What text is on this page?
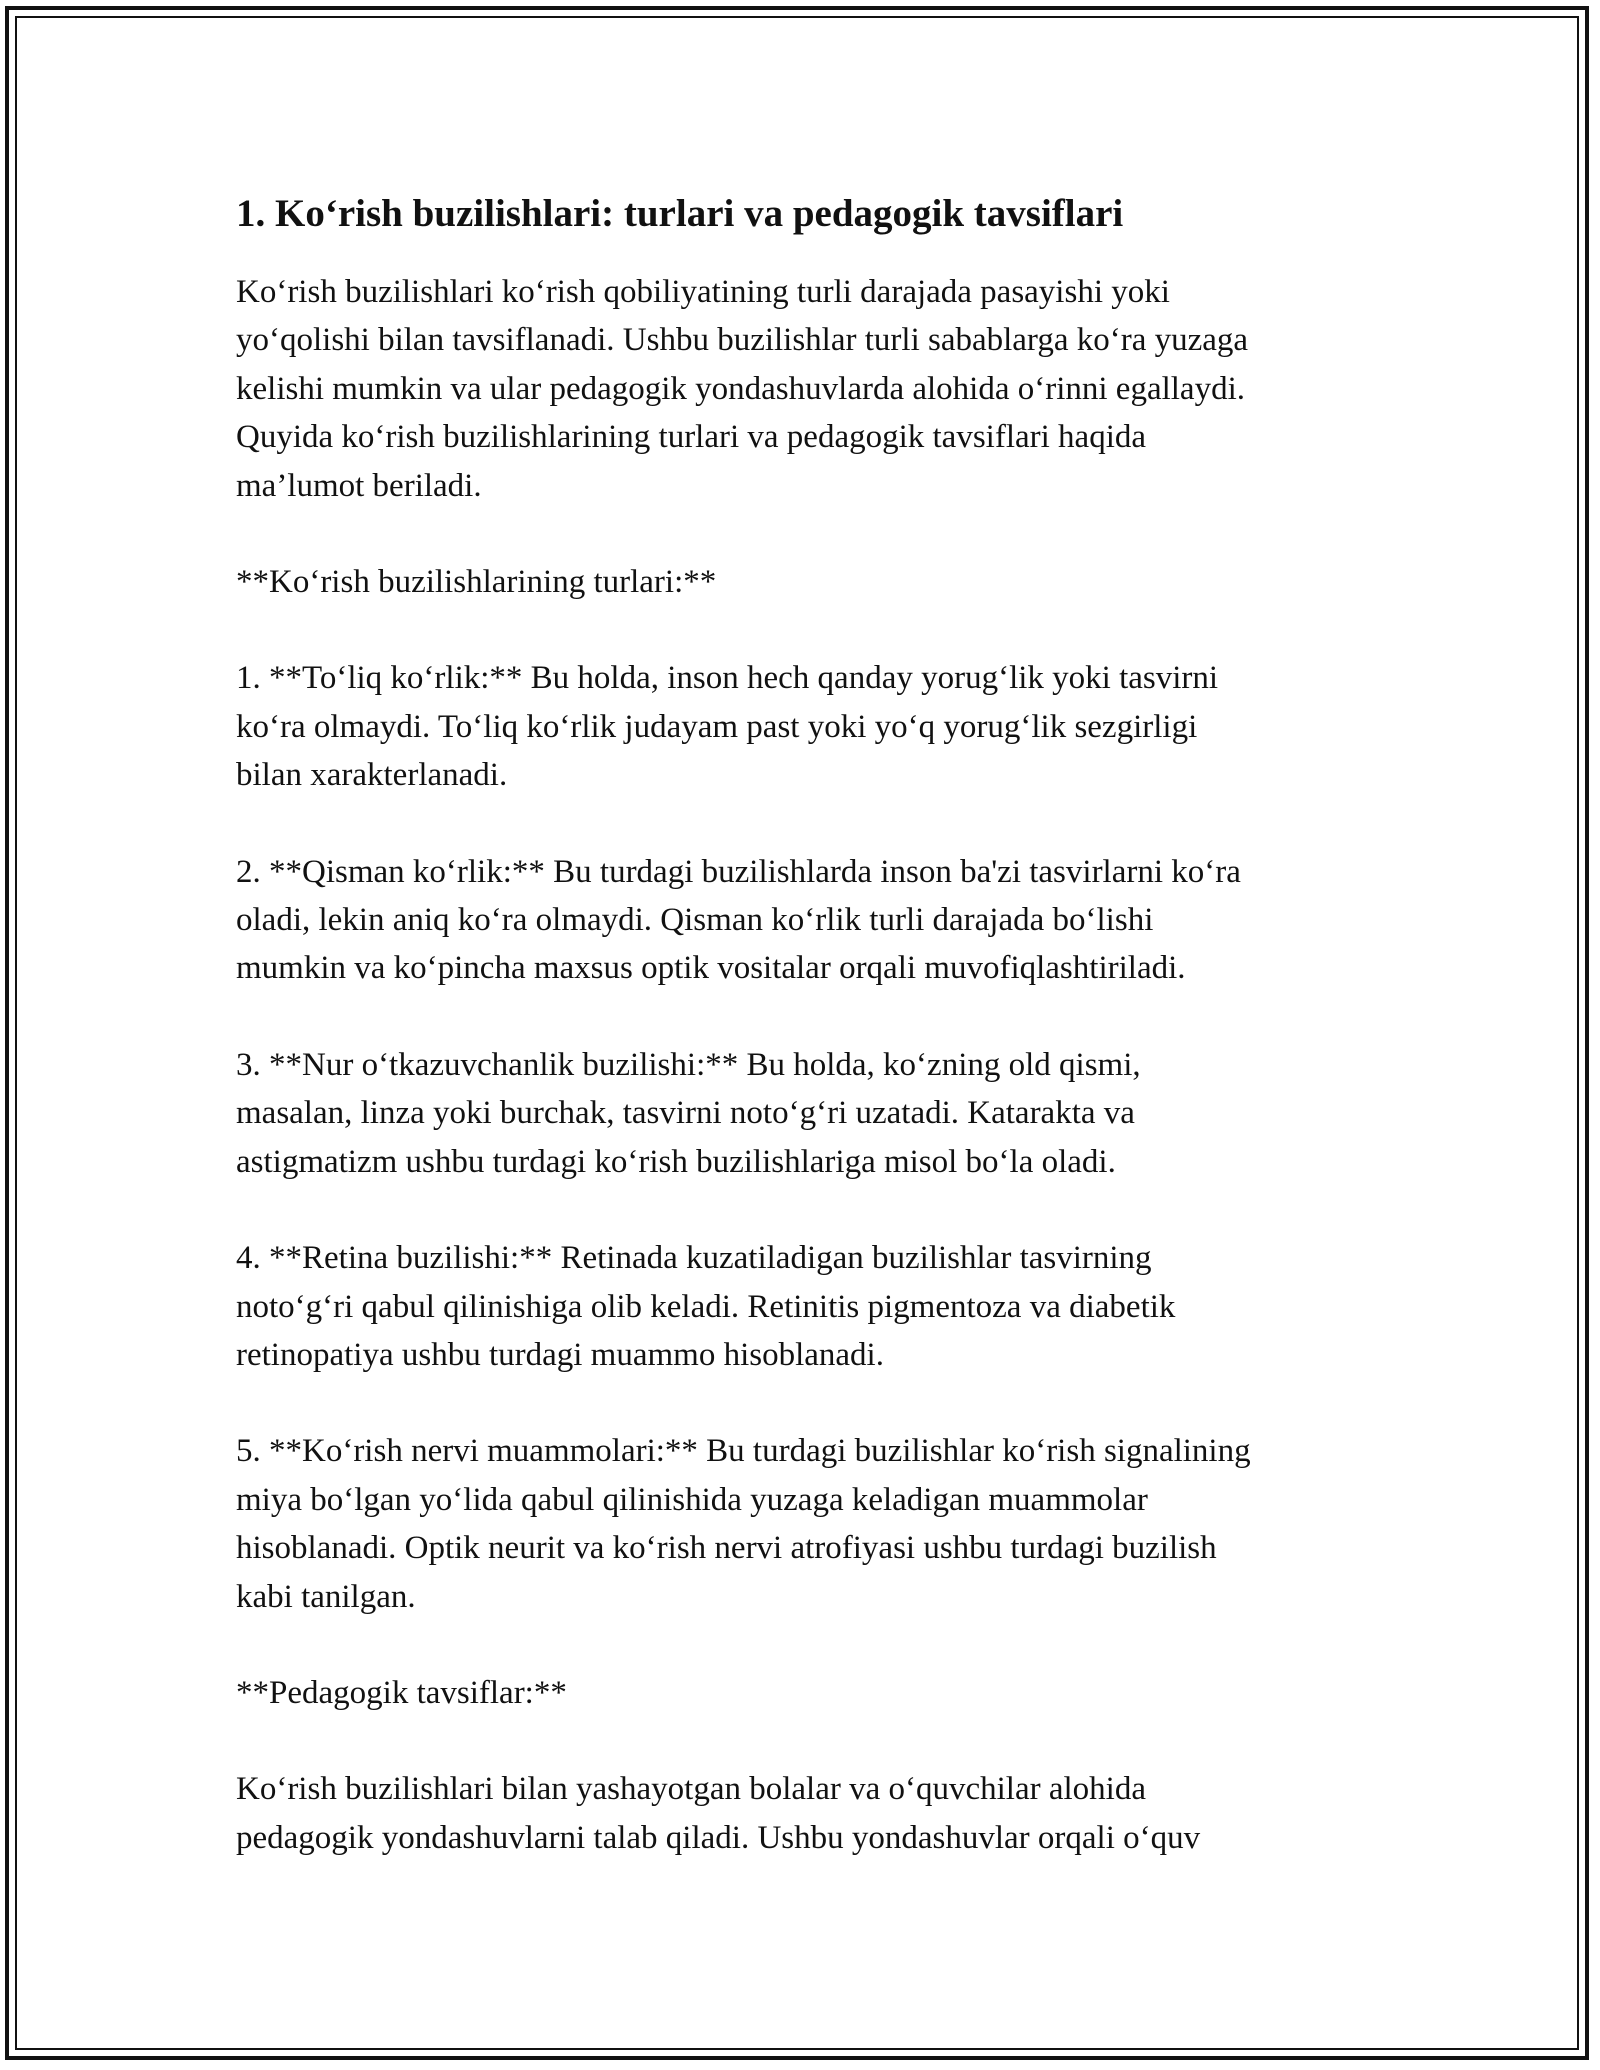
1. Ko‘rish buzilishlari: turlari va pedagogik tavsiflari

Ko‘rish buzilishlari ko‘rish qobiliyatining turli darajada pasayishi yoki
yo‘qolishi bilan tavsiflanadi. Ushbu buzilishlar turli sabablarga ko‘ra yuzaga
kelishi mumkin va ular pedagogik yondashuvlarda alohida o‘rinni egallaydi.
Quyida ko‘rish buzilishlarining turlari va pedagogik tavsiflari haqida
ma’lumot beriladi.

**Ko‘rish buzilishlarining turlari:**

1. **To‘liq ko‘rlik:** Bu holda, inson hech qanday yorug‘lik yoki tasvirni
ko‘ra olmaydi. To‘liq ko‘rlik judayam past yoki yo‘q yorug‘lik sezgirligi
bilan xarakterlanadi.

2. **Qisman ko‘rlik:** Bu turdagi buzilishlarda inson ba'zi tasvirlarni ko‘ra
oladi, lekin aniq ko‘ra olmaydi. Qisman ko‘rlik turli darajada bo‘lishi
mumkin va ko‘pincha maxsus optik vositalar orqali muvofiqlashtiriladi.

3. **Nur o‘tkazuvchanlik buzilishi:** Bu holda, ko‘zning old qismi,
masalan, linza yoki burchak, tasvirni noto‘g‘ri uzatadi. Katarakta va
astigmatizm ushbu turdagi ko‘rish buzilishlariga misol bo‘la oladi.

4. **Retina buzilishi:** Retinada kuzatiladigan buzilishlar tasvirning
noto‘g‘ri qabul qilinishiga olib keladi. Retinitis pigmentoza va diabetik
retinopatiya ushbu turdagi muammo hisoblanadi.

5. **Ko‘rish nervi muammolari:** Bu turdagi buzilishlar ko‘rish signalining
miya bo‘lgan yo‘lida qabul qilinishida yuzaga keladigan muammolar
hisoblanadi. Optik neurit va ko‘rish nervi atrofiyasi ushbu turdagi buzilish
kabi tanilgan.

**Pedagogik tavsiflar:**

Ko‘rish buzilishlari bilan yashayotgan bolalar va o‘quvchilar alohida
pedagogik yondashuvlarni talab qiladi. Ushbu yondashuvlar orqali o‘quv
